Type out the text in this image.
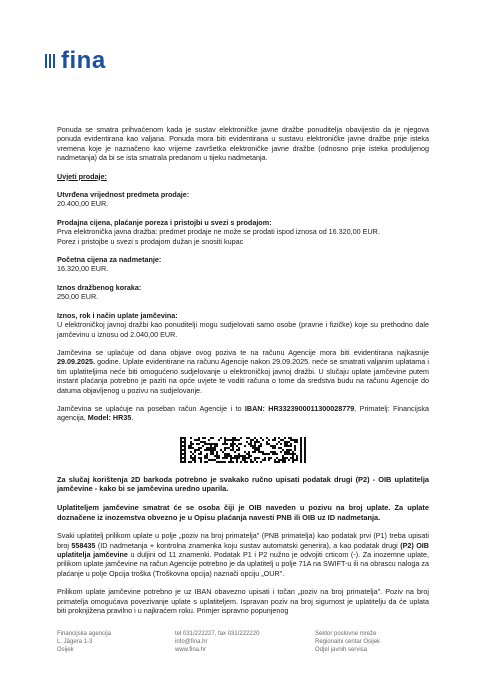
fina

Ponuda se smatra prihvaćenom kada je sustav elektroničke javne dražbe ponuditelja obavijestio da je njegova ponuda evidentirana kao valjana. Ponuda mora biti evidentirana u sustavu elektroničke javne dražbe prije isteka vremena koje je naznačeno kao vrijeme završetka elektroničke javne dražbe (odnosno prije isteka produljenog nadmetanja) da bi se ista smatrala predanom u tijeku nadmetanja.

Uvjeti prodaje:

Utvrđena vrijednost predmeta prodaje:

20.400,00 EUR.

Prodajna cijena, plaćanje poreza i pristojbi u svezi s prodajom:

Prva elektronička javna dražba: predmet prodaje ne može se prodati ispod iznosa od 16.320,00 EUR.

Porez i pristojbe u svezi s prodajom dužan je snositi kupac

Početna cijena za nadmetanje:

16.320,00 EUR.

Iznos dražbenog koraka:

250,00 EUR.

Iznos, rok i način uplate jamčevina:

U elektroničkoj javnoj dražbi kao ponuditelji mogu sudjelovati samo osobe (pravne i fizičke) koje su prethodno dale jamčevinu u iznosu od 2.040,00 EUR.

Jamčevina se uplaćuje od dana objave ovog poziva te na računu Agencije mora biti evidentirana najkasnije 29.09.2025. godine. Uplate evidentirane na računu Agencije nakon 29.09.2025. neće se smatrati valjanim uplatama i tim uplatiteljima neće biti omogućeno sudjelovanje u elektroničkoj javnoj dražbi. U slučaju uplate jamčevine putem instant plaćanja potrebno je paziti na opće uvjete te voditi računa o tome da sredstva budu na računu Agencije do datuma objavljenog u pozivu na sudjelovanje.

Jamčevina se uplaćuje na poseban račun Agencije i to IBAN: HR3323900011300028779, Primatelj: Financijska agencija, Model: HR35.

Za slučaj korištenja 2D barkoda potrebno je svakako ručno upisati podatak drugi (P2) - OIB uplatitelja jamčevine - kako bi se jamčevina uredno uparila.

Uplatiteljem jamčevine smatrat će se osoba čiji je OIB naveden u pozivu na broj uplate. Za uplate doznačene iz inozemstva obvezno je u Opisu plaćanja navesti PNB ili OIB uz ID nadmetanja.

Svaki uplatitelj prilikom uplate u polje „poziv na broj primatelja" (PNB primatelja) kao podatak prvi (P1) treba upisati broj 558435 (ID nadmetanja + kontrolna znamenka koju sustav automatski generira), a kao podatak drugi (P2) OIB uplatitelja jamčevine u duljini od 11 znamenki. Podatak P1 i P2 nužno je odvojiti crticom (-). Za inozemne uplate, prilikom uplate jamčevine na račun Agencije potrebno je da uplatitelj u polje 71A na SWIFT-u ili na obrascu naloga za plaćanje u polje Opcija troška (Troškovna opcija) naznači opciju „OUR".

Prilikom uplate jamčevine potrebno je uz IBAN obavezno upisati i točan „poziv na broj primatelja". Poziv na broj primatelja omogućava povezivanje uplate s uplatiteljem. Ispravan poziv na broj sigurnost je uplatitelju da će uplata biti proknjižena pravilno i u najkraćem roku. Primjer ispravno popunjenog

Financijska agencija
L. Jägera 1-3
Osijek
tel 031/222227, fax 031/222220
info@fina.hr
www.fina.hr
Sektor poslovne mreže
Regionalni centar Osijek
Odjel javnih servisa
